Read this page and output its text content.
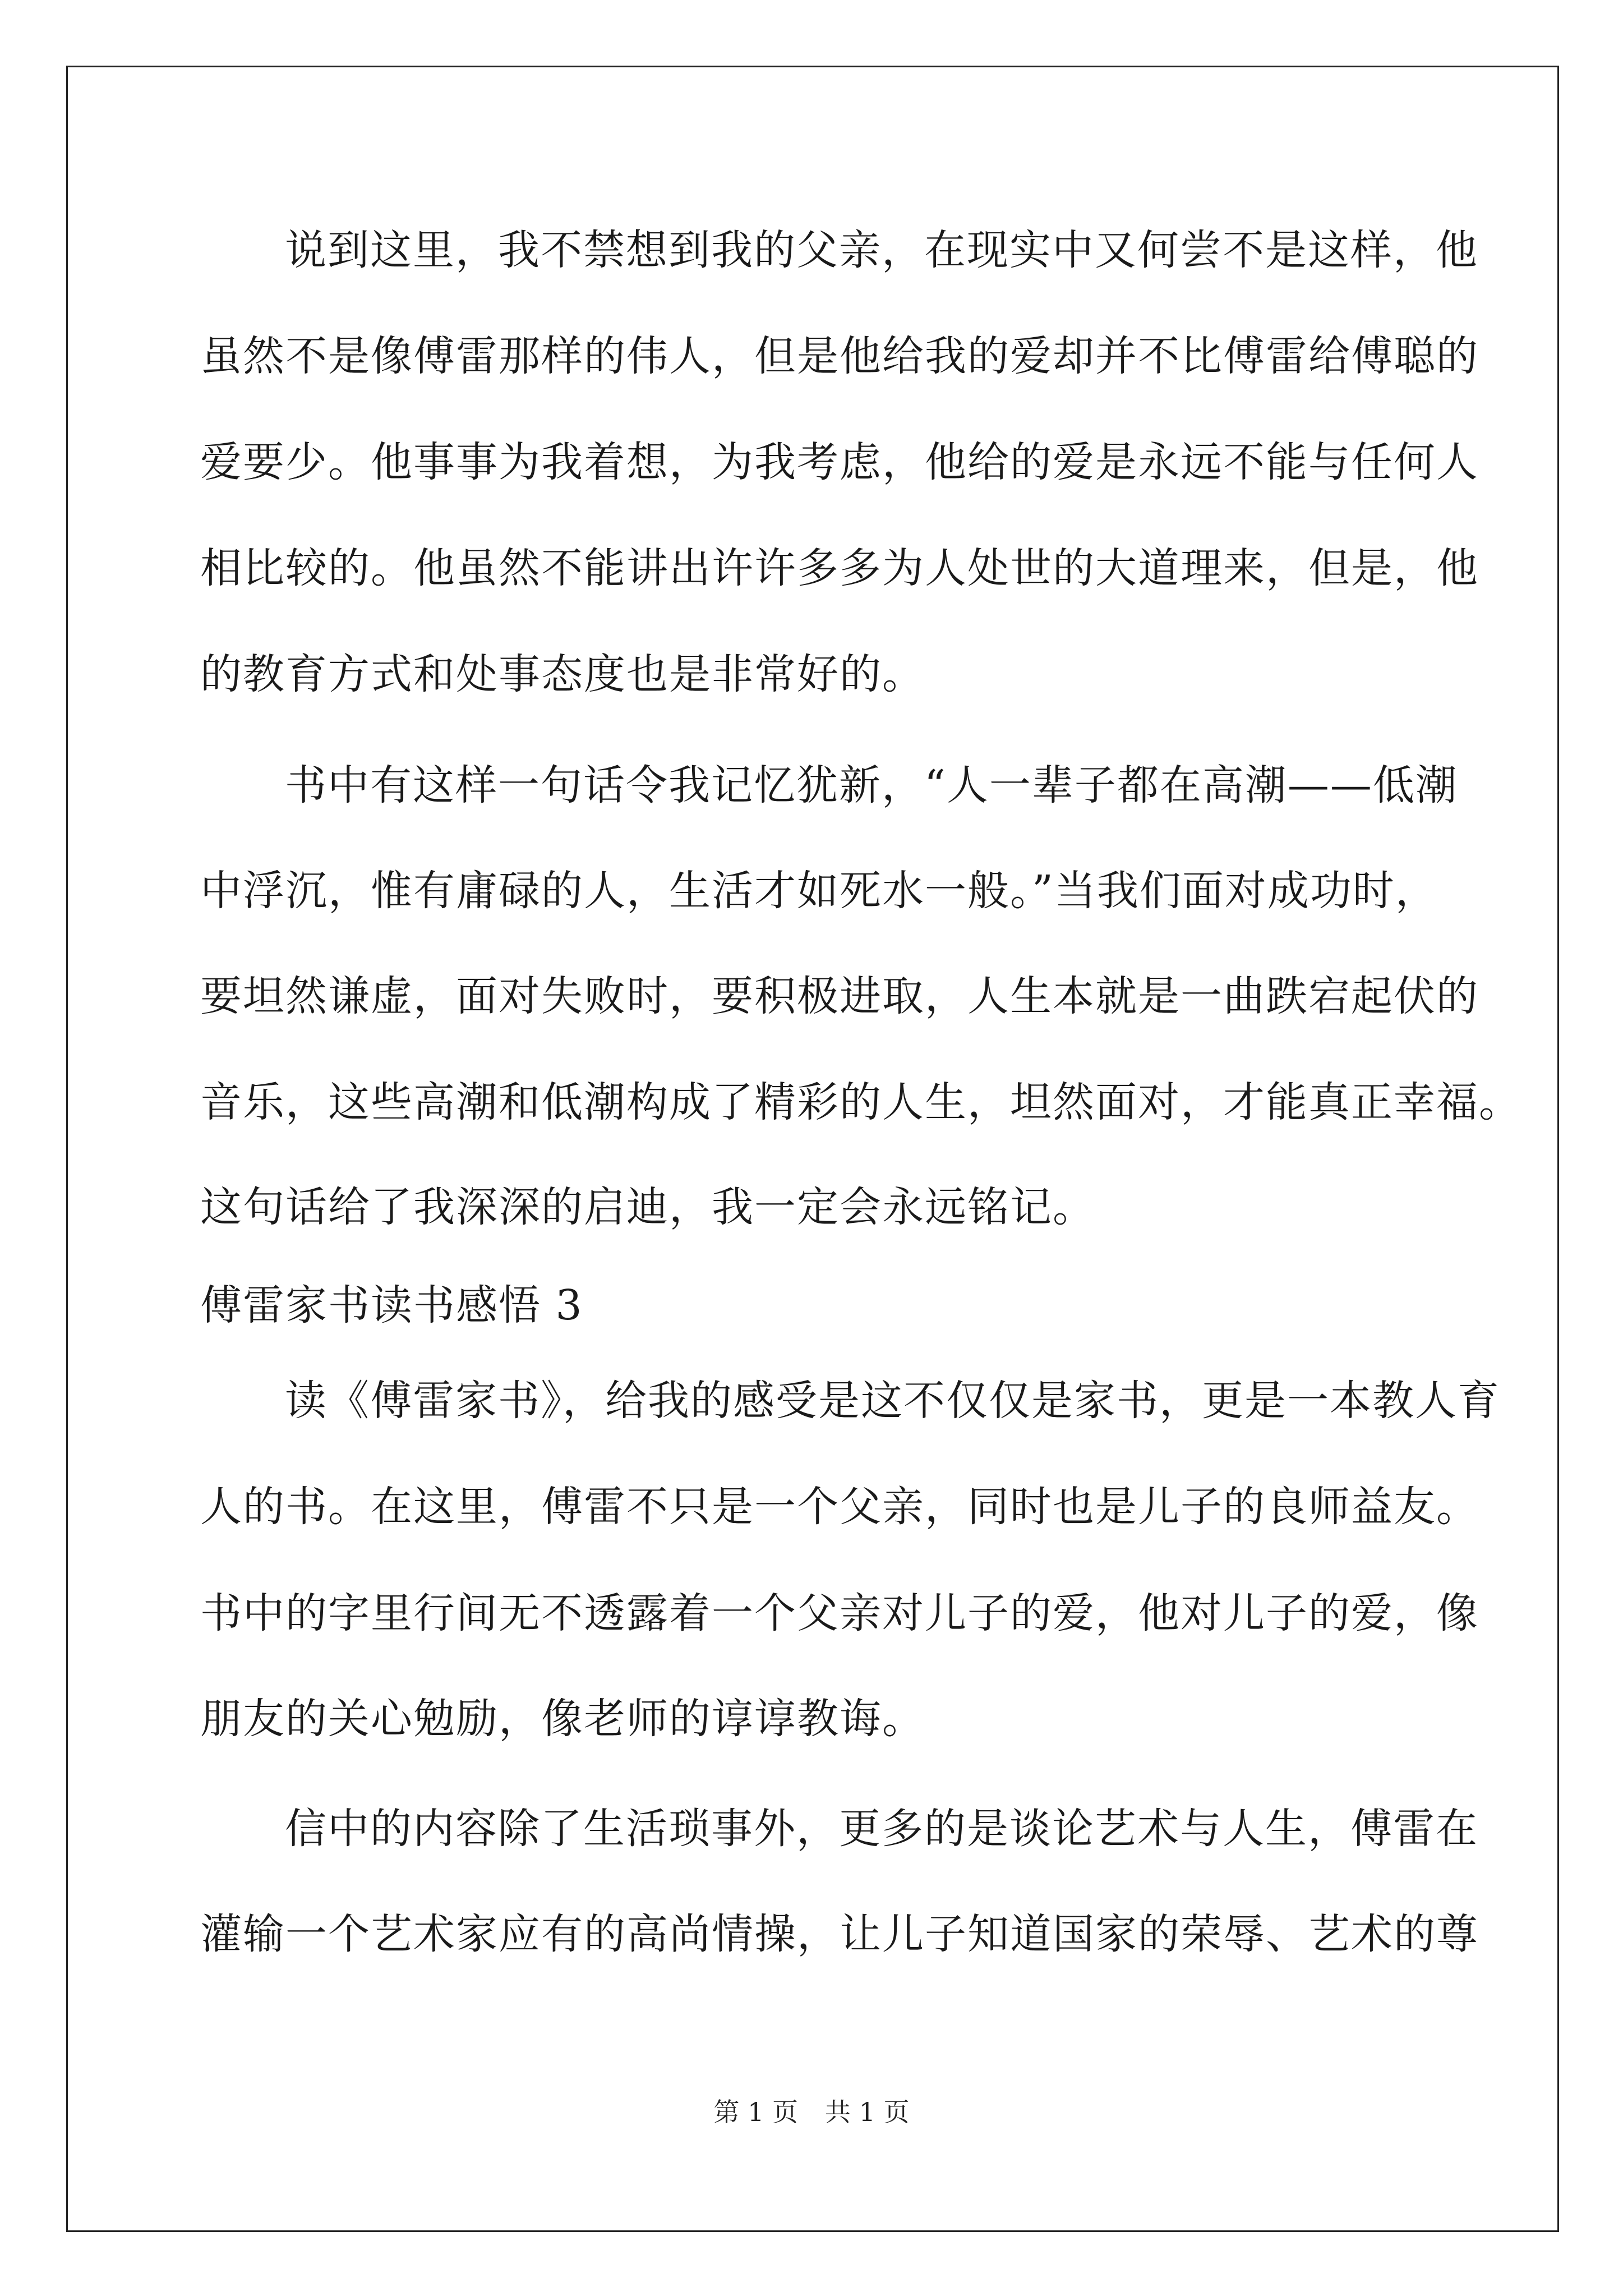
说到这里，我不禁想到我的父亲，在现实中又何尝不是这样，他
虽然不是像傅雷那样的伟人，但是他给我的爱却并不比傅雷给傅聪的
爱要少。他事事为我着想，为我考虑，他给的爱是永远不能与任何人
相比较的。他虽然不能讲出许许多多为人处世的大道理来，但是，他
的教育方式和处事态度也是非常好的。
书中有这样一句话令我记忆犹新，“人一辈子都在高潮——低潮
中浮沉，惟有庸碌的人，生活才如死水一般。”当我们面对成功时，
要坦然谦虚，面对失败时，要积极进取，人生本就是一曲跌宕起伏的
音乐，这些高潮和低潮构成了精彩的人生，坦然面对，才能真正幸福。
这句话给了我深深的启迪，我一定会永远铭记。
傅雷家书读书感悟 3
读《傅雷家书》，给我的感受是这不仅仅是家书，更是一本教人育
人的书。在这里，傅雷不只是一个父亲，同时也是儿子的良师益友。
书中的字里行间无不透露着一个父亲对儿子的爱，他对儿子的爱，像
朋友的关心勉励，像老师的谆谆教诲。
信中的内容除了生活琐事外，更多的是谈论艺术与人生，傅雷在
灌输一个艺术家应有的高尚情操，让儿子知道国家的荣辱、艺术的尊
第 1 页 共 1 页
